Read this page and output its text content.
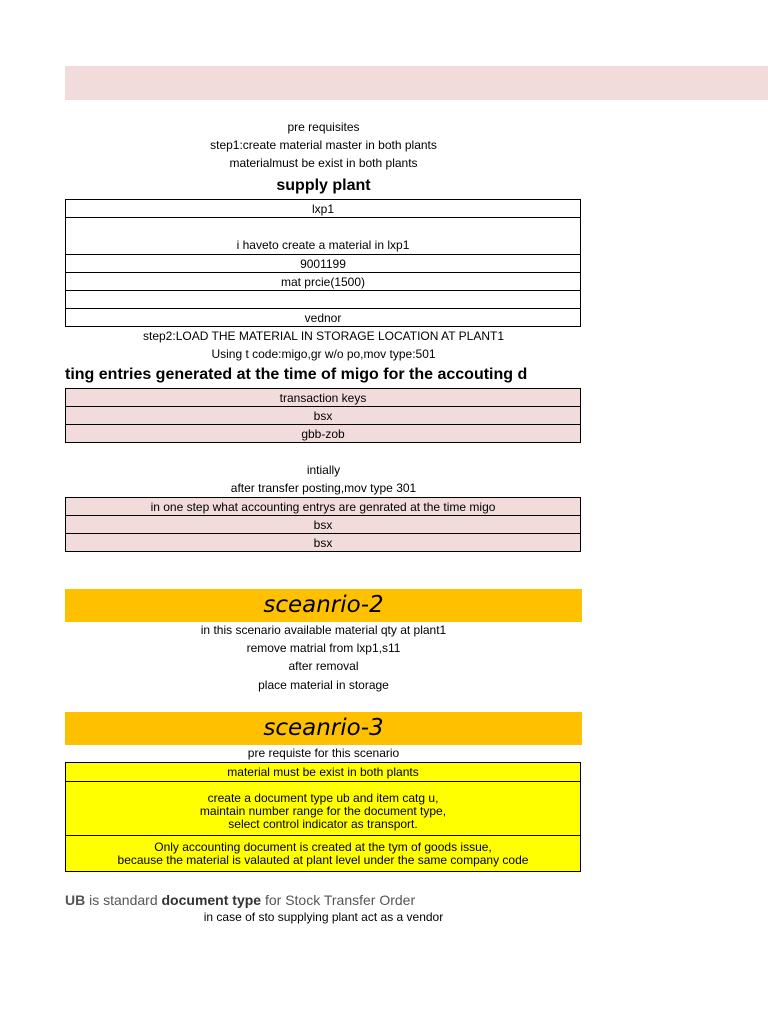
pre requisites
step1:create material master in both plants
materialmust be exist in both plants
supply plant
lxp1
i haveto create a material in lxp1
9001199
mat prcie(1500)
vednor
step2:LOAD THE MATERIAL IN STORAGE LOCATION AT PLANT1
Using t code:migo,gr w/o po,mov type:501
ting entries generated at the time of migo for the accouting d
transaction keys
bsx
gbb-zob
intially
after transfer posting,mov type 301
in one step what accounting entrys are genrated at the time migo
bsx
bsx
sceanrio-2
in this scenario available material qty at plant1
remove matrial from lxp1,s11
after removal
place material in storage
sceanrio-3
pre requiste for this scenario
material must be exist in both plants
create a document type ub and item catg u,
maintain number range for the document type,
select control indicator as transport.
Only accounting document is created at the tym of goods issue,
because the material is valauted at plant level under the same company code
UB is standard document type for Stock Transfer Order
in case of sto supplying plant act as a vendor
